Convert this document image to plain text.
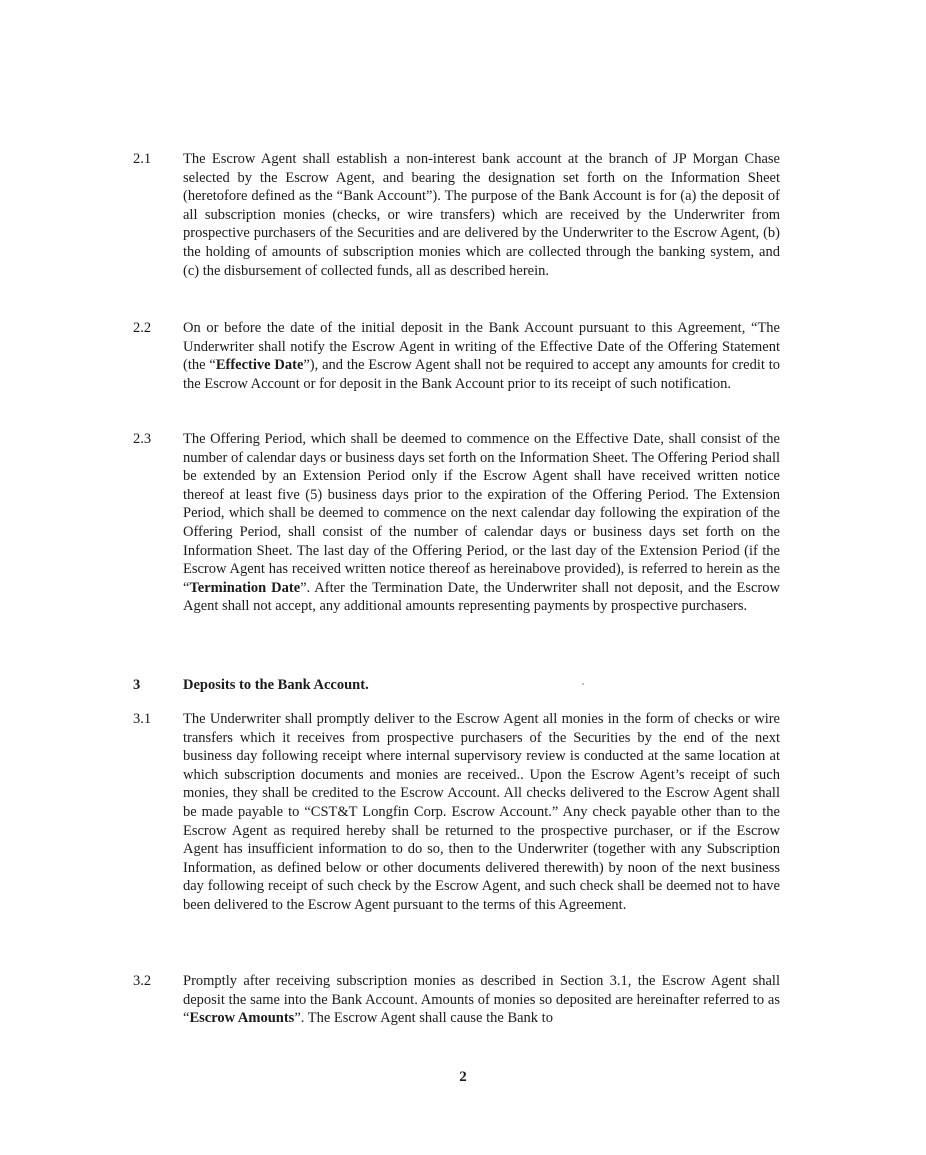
2.1 The Escrow Agent shall establish a non-interest bank account at the branch of JP Morgan Chase selected by the Escrow Agent, and bearing the designation set forth on the Information Sheet (heretofore defined as the “Bank Account”). The purpose of the Bank Account is for (a) the deposit of all subscription monies (checks, or wire transfers) which are received by the Underwriter from prospective purchasers of the Securities and are delivered by the Underwriter to the Escrow Agent, (b) the holding of amounts of subscription monies which are collected through the banking system, and (c) the disbursement of collected funds, all as described herein.
2.2 On or before the date of the initial deposit in the Bank Account pursuant to this Agreement, “The Underwriter shall notify the Escrow Agent in writing of the Effective Date of the Offering Statement (the “Effective Date”), and the Escrow Agent shall not be required to accept any amounts for credit to the Escrow Account or for deposit in the Bank Account prior to its receipt of such notification.
2.3 The Offering Period, which shall be deemed to commence on the Effective Date, shall consist of the number of calendar days or business days set forth on the Information Sheet. The Offering Period shall be extended by an Extension Period only if the Escrow Agent shall have received written notice thereof at least five (5) business days prior to the expiration of the Offering Period. The Extension Period, which shall be deemed to commence on the next calendar day following the expiration of the Offering Period, shall consist of the number of calendar days or business days set forth on the Information Sheet. The last day of the Offering Period, or the last day of the Extension Period (if the Escrow Agent has received written notice thereof as hereinabove provided), is referred to herein as the “Termination Date”. After the Termination Date, the Underwriter shall not deposit, and the Escrow Agent shall not accept, any additional amounts representing payments by prospective purchasers.
3	Deposits to the Bank Account.
3.1 The Underwriter shall promptly deliver to the Escrow Agent all monies in the form of checks or wire transfers which it receives from prospective purchasers of the Securities by the end of the next business day following receipt where internal supervisory review is conducted at the same location at which subscription documents and monies are received.. Upon the Escrow Agent’s receipt of such monies, they shall be credited to the Escrow Account. All checks delivered to the Escrow Agent shall be made payable to “CST&T Longfin Corp. Escrow Account.” Any check payable other than to the Escrow Agent as required hereby shall be returned to the prospective purchaser, or if the Escrow Agent has insufficient information to do so, then to the Underwriter (together with any Subscription Information, as defined below or other documents delivered therewith) by noon of the next business day following receipt of such check by the Escrow Agent, and such check shall be deemed not to have been delivered to the Escrow Agent pursuant to the terms of this Agreement.
3.2 Promptly after receiving subscription monies as described in Section 3.1, the Escrow Agent shall deposit the same into the Bank Account. Amounts of monies so deposited are hereinafter referred to as “Escrow Amounts”. The Escrow Agent shall cause the Bank to
2
